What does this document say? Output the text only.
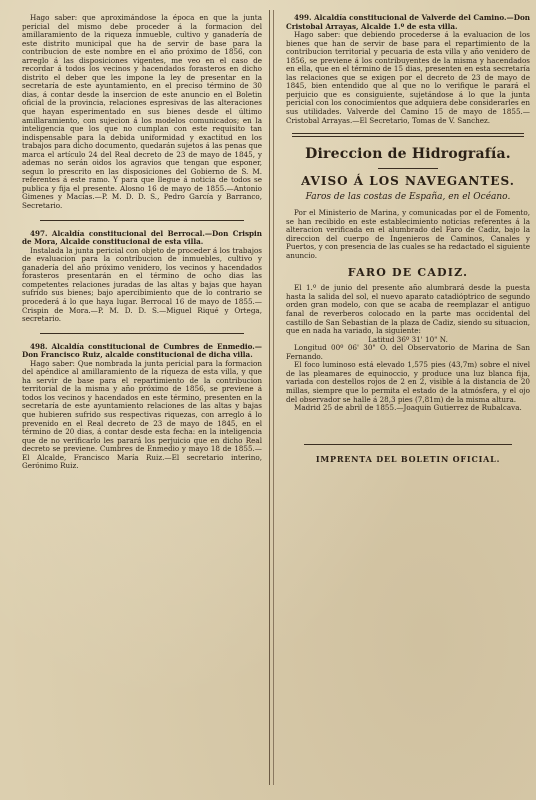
Hago saber: que aproximándose la época en que la junta pericial del mismo debe proceder á la formacion del amillaramiento de la riqueza inmueble, cultivo y ganadería de este distrito municipal que ha de servir de base para la contribucion de este nombre en el año próximo de 1856, con arreglo á las disposiciones vigentes, me veo en el caso de recordar á todos los vecinos y hacendados forasteros en dicho distrito el deber que les impone la ley de presentar en la secretaría de este ayuntamiento, en el preciso término de 30 dias, á contar desde la insercion de este anuncio en el Boletin oficial de la provincia, relaciones espresivas de las alteraciones que hayan esperimentado en sus bienes desde el último amillaramiento, con sujecion á los modelos comunicados; en la inteligencia que los que no cumplan con este requisito tan indispensable para la debida uniformidad y exactitud en los trabajos para dicho documento, quedarán sujetos á las penas que marca el artículo 24 del Real decreto de 23 de mayo de 1845, y ademas no serán oidos los agravios que tengan que esponer, segun lo prescrito en las disposiciones del Gobierno de S. M. referentes á este ramo. Y para que llegue á noticia de todos se publica y fija el presente. Alosno 16 de mayo de 1855.—Antonio Gimenes y Macías.—P. M. D. D. S., Pedro García y Barranco, Secretario.

497. Alcaldía constitucional del Berrocal.—Don Crispin de Mora, Alcalde constitucional de esta villa.

Instalada la junta pericial con objeto de proceder á los trabajos de evaluacion para la contribucion de inmuebles, cultivo y ganadería del año próximo venidero, los vecinos y hacendados forasteros presentarán en el término de ocho dias las competentes relaciones juradas de las altas y bajas que hayan sufrido sus bienes; bajo apercibimiento que de lo contrario se procederá á lo que haya lugar. Berrocal 16 de mayo de 1855.—Crispin de Mora.—P. M. D. D. S.—Miguel Riqué y Ortega, secretario.

498. Alcaldía constitucional de Cumbres de Enmedio.—Don Francisco Ruiz, alcalde constitucional de dicha villa.

Hago saber: Que nombrada la junta pericial para la formacion del apéndice al amillaramiento de la riqueza de esta villa, y que ha servir de base para el repartimiento de la contribucion territorial de la misma y año próximo de 1856, se previene á todos los vecinos y hacendados en este término, presenten en la secretaría de este ayuntamiento relaciones de las altas y bajas que hubieren sufrido sus respectivas riquezas, con arreglo á lo prevenido en el Real decreto de 23 de mayo de 1845, en el término de 20 dias, á contar desde esta fecha: en la inteligencia que de no verificarlo les parará los perjuicio que en dicho Real decreto se previene. Cumbres de Enmedio y mayo 18 de 1855.—El Alcalde, Francisco María Ruiz.—El secretario interino, Gerónimo Ruiz.

499. Alcaldía constitucional de Valverde del Camino.—Don Cristobal Arrayas, Alcalde 1.º de esta villa.

Hago saber: que debiendo procederse á la evaluacion de los bienes que han de servir de base para el repartimiento de la contribucion territorial y pecuaria de esta villa y año venidero de 1856, se previene á los contribuyentes de la misma y hacendados en ella, que en el término de 15 dias, presenten en esta secretaría las relaciones que se exigen por el decreto de 23 de mayo de 1845, bien entendido que al que no lo verifique le parará el perjuicio que es consiguiente, sujetándose á lo que la junta pericial con los conocimientos que adquiera debe considerarles en sus utilidades. Valverde del Camino 15 de mayo de 1855.—Cristobal Arrayas.—El Secretario, Tomas de V. Sanchez.

Direccion de Hidrografía.
AVISO Á LOS NAVEGANTES.
Faros de las costas de España, en el Océano.

Por el Ministerio de Marina, y comunicadas por el de Fomento, se han recibido en este establecimiento noticias referentes á la alteracion verificada en el alumbrado del Faro de Cadiz, bajo la direccion del cuerpo de Ingenieros de Caminos, Canales y Puertos, y con presencia de las cuales se ha redactado el siguiente anuncio.

FARO DE CADIZ.

El 1.º de junio del presente año alumbrará desde la puesta hasta la salida del sol, el nuevo aparato catadióptrico de segundo orden gran modelo, con que se acaba de reemplazar el antiguo fanal de reverberos colocado en la parte mas occidental del castillo de San Sebastian de la plaza de Cadiz, siendo su situacion, que en nada ha variado, la siguiente:

Latitud 36º 31' 10" N.

Longitud 00º 06' 30" O. del Observatorio de Marina de San Fernando.

El foco luminoso está elevado 1,575 pies (43,7m) sobre el nivel de las pleamares de equinoccio, y produce una luz blanca fija, variada con destellos rojos de 2 en 2, visible á la distancia de 20 millas, siempre que lo permita el estado de la atmósfera, y el ojo del observador se halle á 28,3 pies (7,81m) de la misma altura.

Madrid 25 de abril de 1855.—Joaquin Gutierrez de Rubalcava.

IMPRENTA DEL BOLETIN OFICIAL.
